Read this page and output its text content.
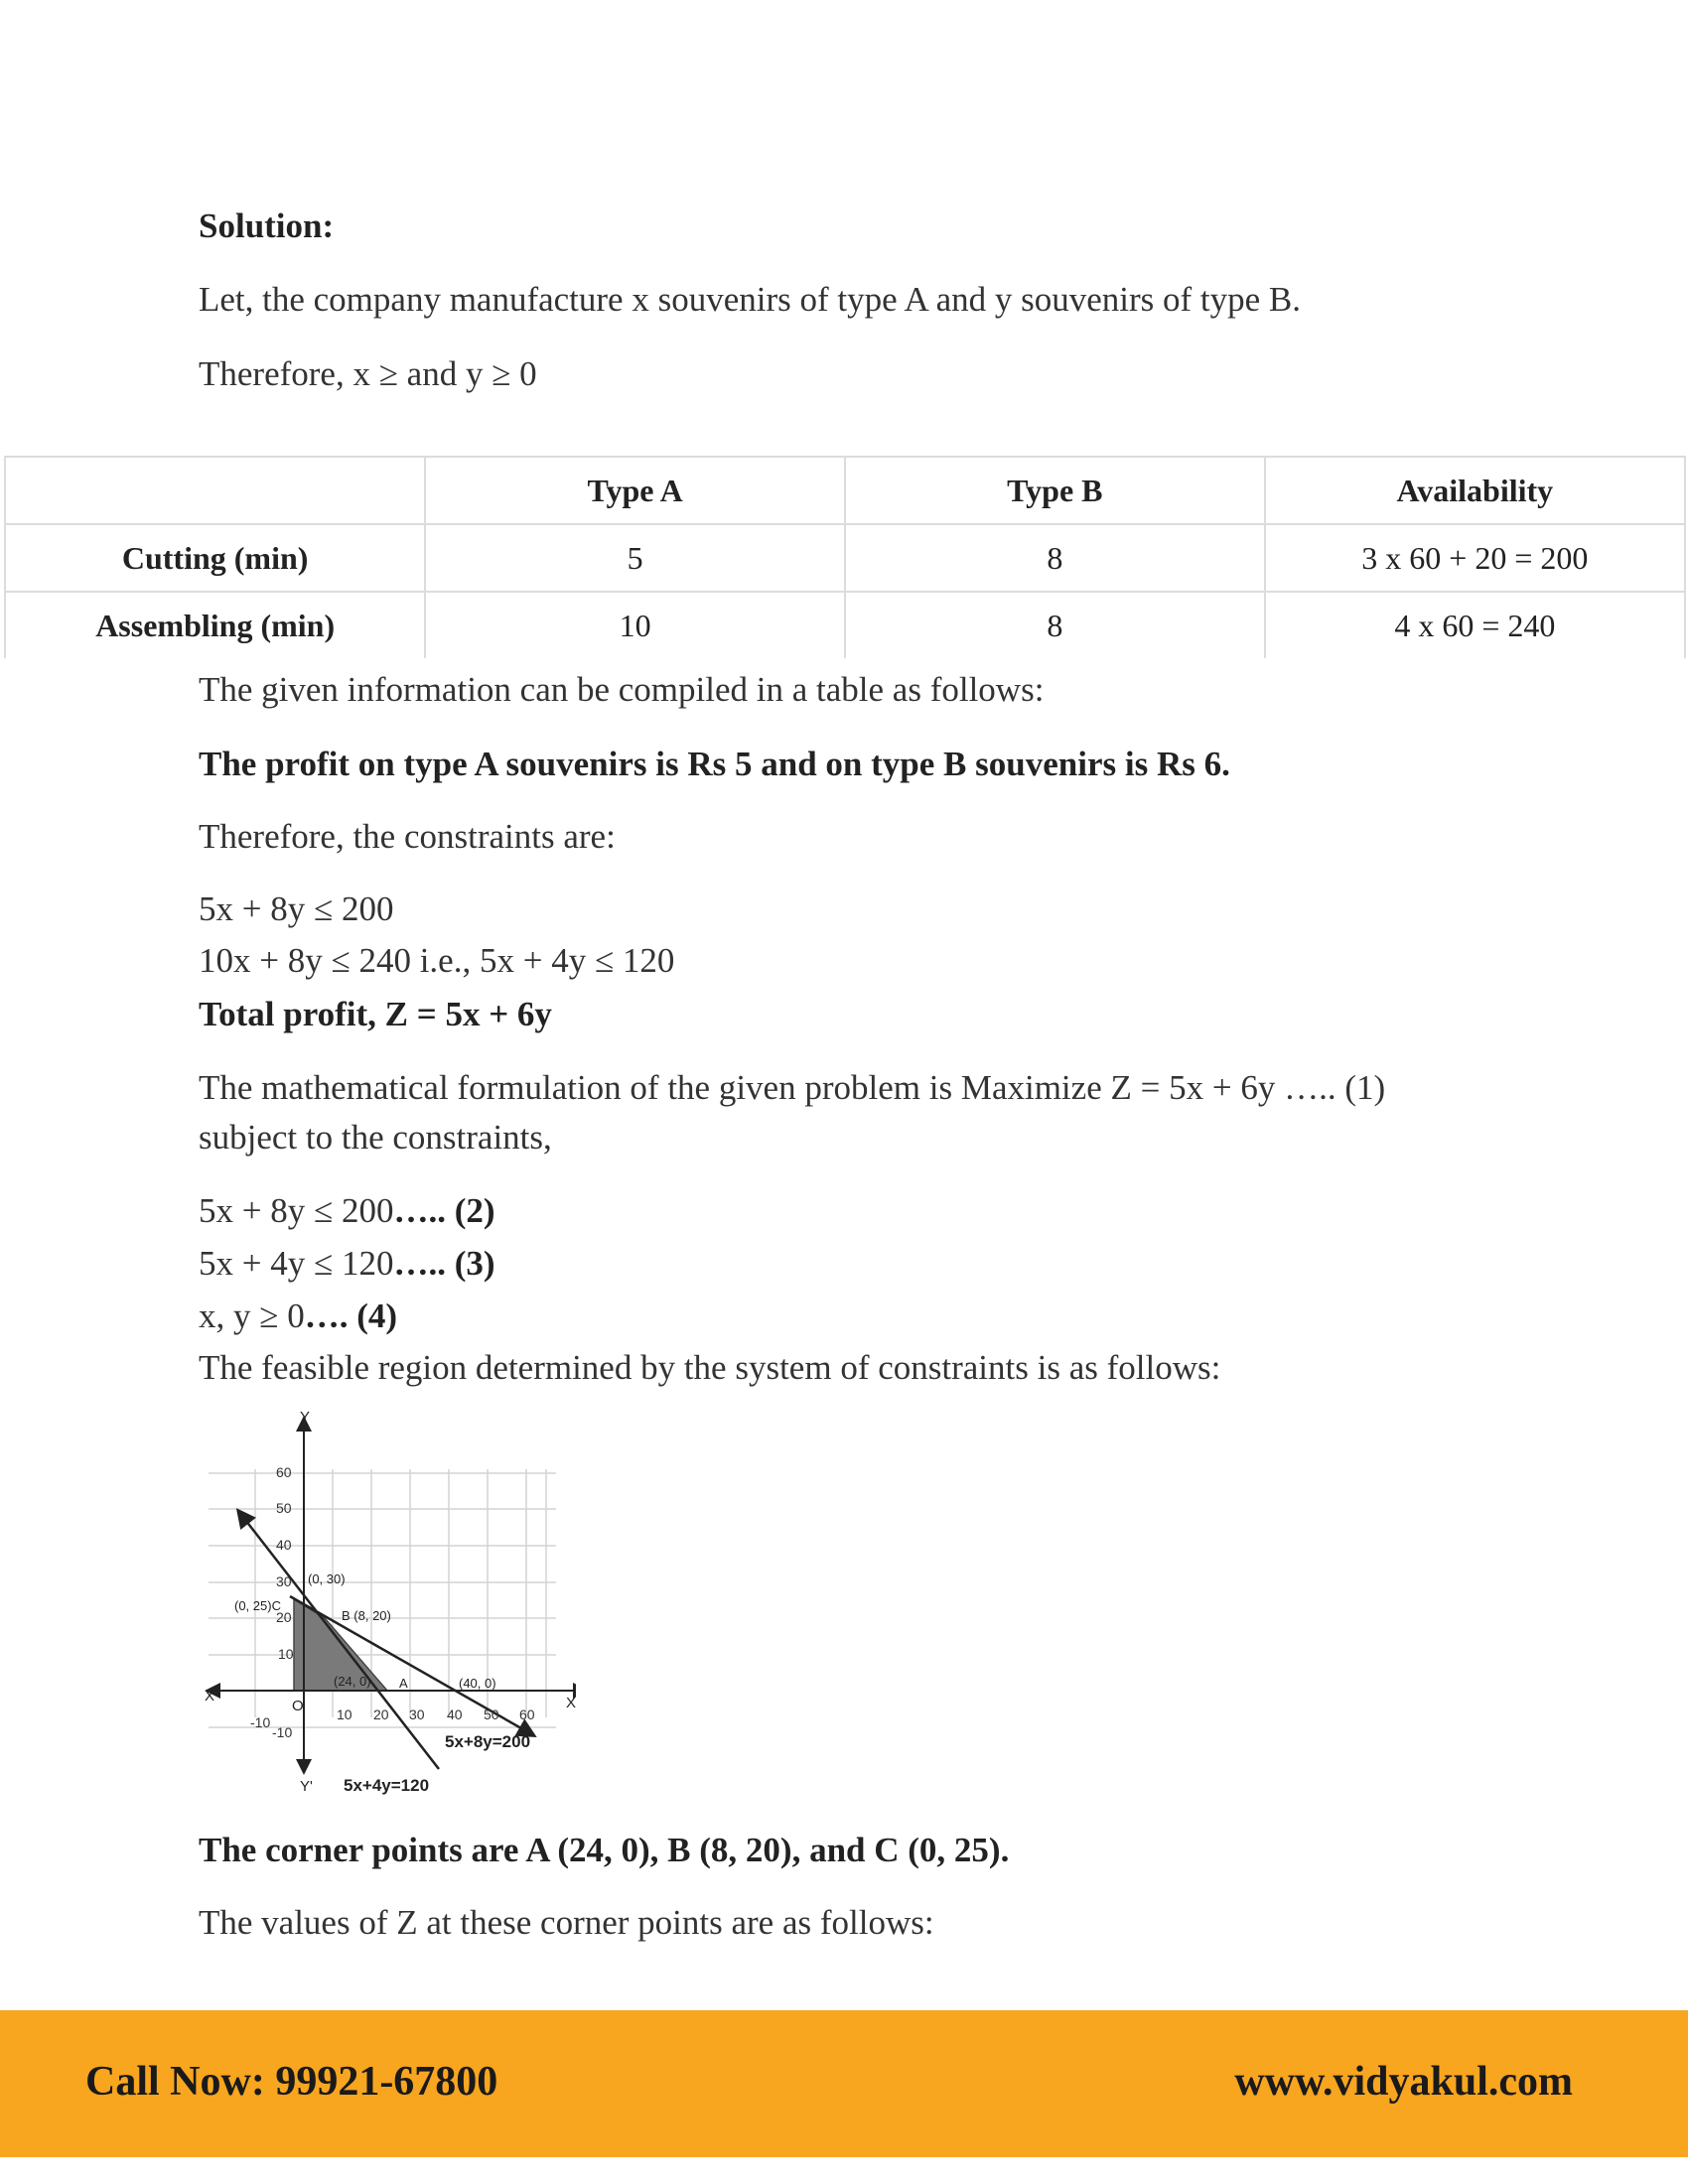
Solution:
Let, the company manufacture x souvenirs of type A and y souvenirs of type B.
Therefore, x ≥ and y ≥ 0
	Type A	Type B	Availability
Cutting (min)	5	8	3 x 60 + 20 = 200
Assembling (min)	10	8	4 x 60 = 240
The given information can be compiled in a table as follows:
The profit on type A souvenirs is Rs 5 and on type B souvenirs is Rs 6.
Therefore, the constraints are:
5x + 8y ≤ 200
10x + 8y ≤ 240 i.e., 5x + 4y ≤ 120
Total profit, Z = 5x + 6y
The mathematical formulation of the given problem is Maximize Z = 5x + 6y ….. (1)
subject to the constraints,
5x + 8y ≤ 200….. (2)
5x + 4y ≤ 120….. (3)
x, y ≥ 0…. (4)
The feasible region determined by the system of constraints is as follows:
-10	10 20 30 40 50 60
60
50
40
30
20
10
-10
Y
Y'
X
X'
O
(0, 30)
(0, 25)C
B (8, 20)
(24, 0) A	(40, 0)
5x+8y=200
5x+4y=120
The corner points are A (24, 0), B (8, 20), and C (0, 25).
The values of Z at these corner points are as follows:
Call Now: 99921-67800	www.vidyakul.com
